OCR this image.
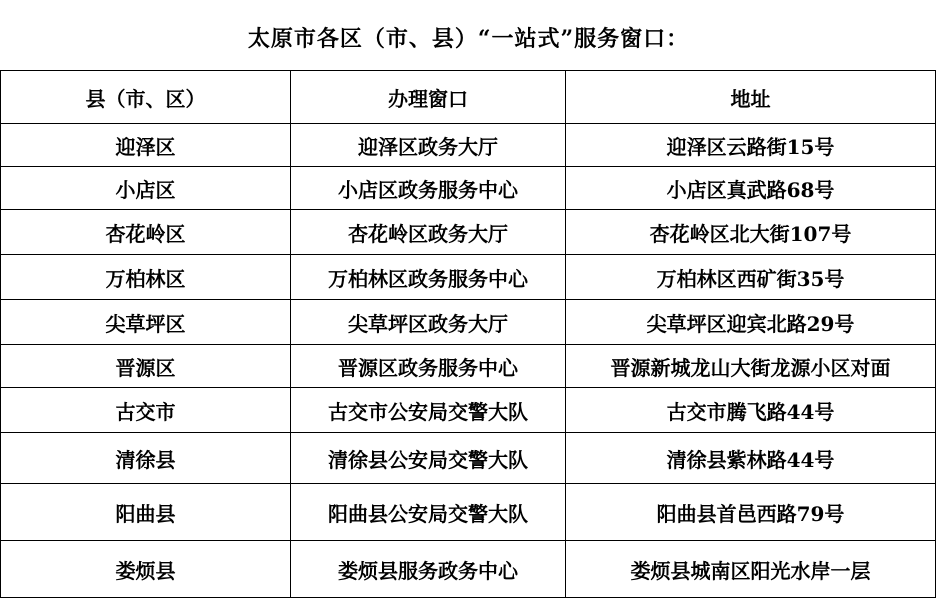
太原市各区（市、县）“一站式”服务窗口：
县（市、区）	办理窗口	地址
迎泽区	迎泽区政务大厅	迎泽区云路街15号
小店区	小店区政务服务中心	小店区真武路68号
杏花岭区	杏花岭区政务大厅	杏花岭区北大街107号
万柏林区	万柏林区政务服务中心	万柏林区西矿街35号
尖草坪区	尖草坪区政务大厅	尖草坪区迎宾北路29号
晋源区	晋源区政务服务中心	晋源新城龙山大街龙源小区对面
古交市	古交市公安局交警大队	古交市腾飞路44号
清徐县	清徐县公安局交警大队	清徐县紫林路44号
阳曲县	阳曲县公安局交警大队	阳曲县首邑西路79号
娄烦县	娄烦县服务政务中心	娄烦县城南区阳光水岸一层
